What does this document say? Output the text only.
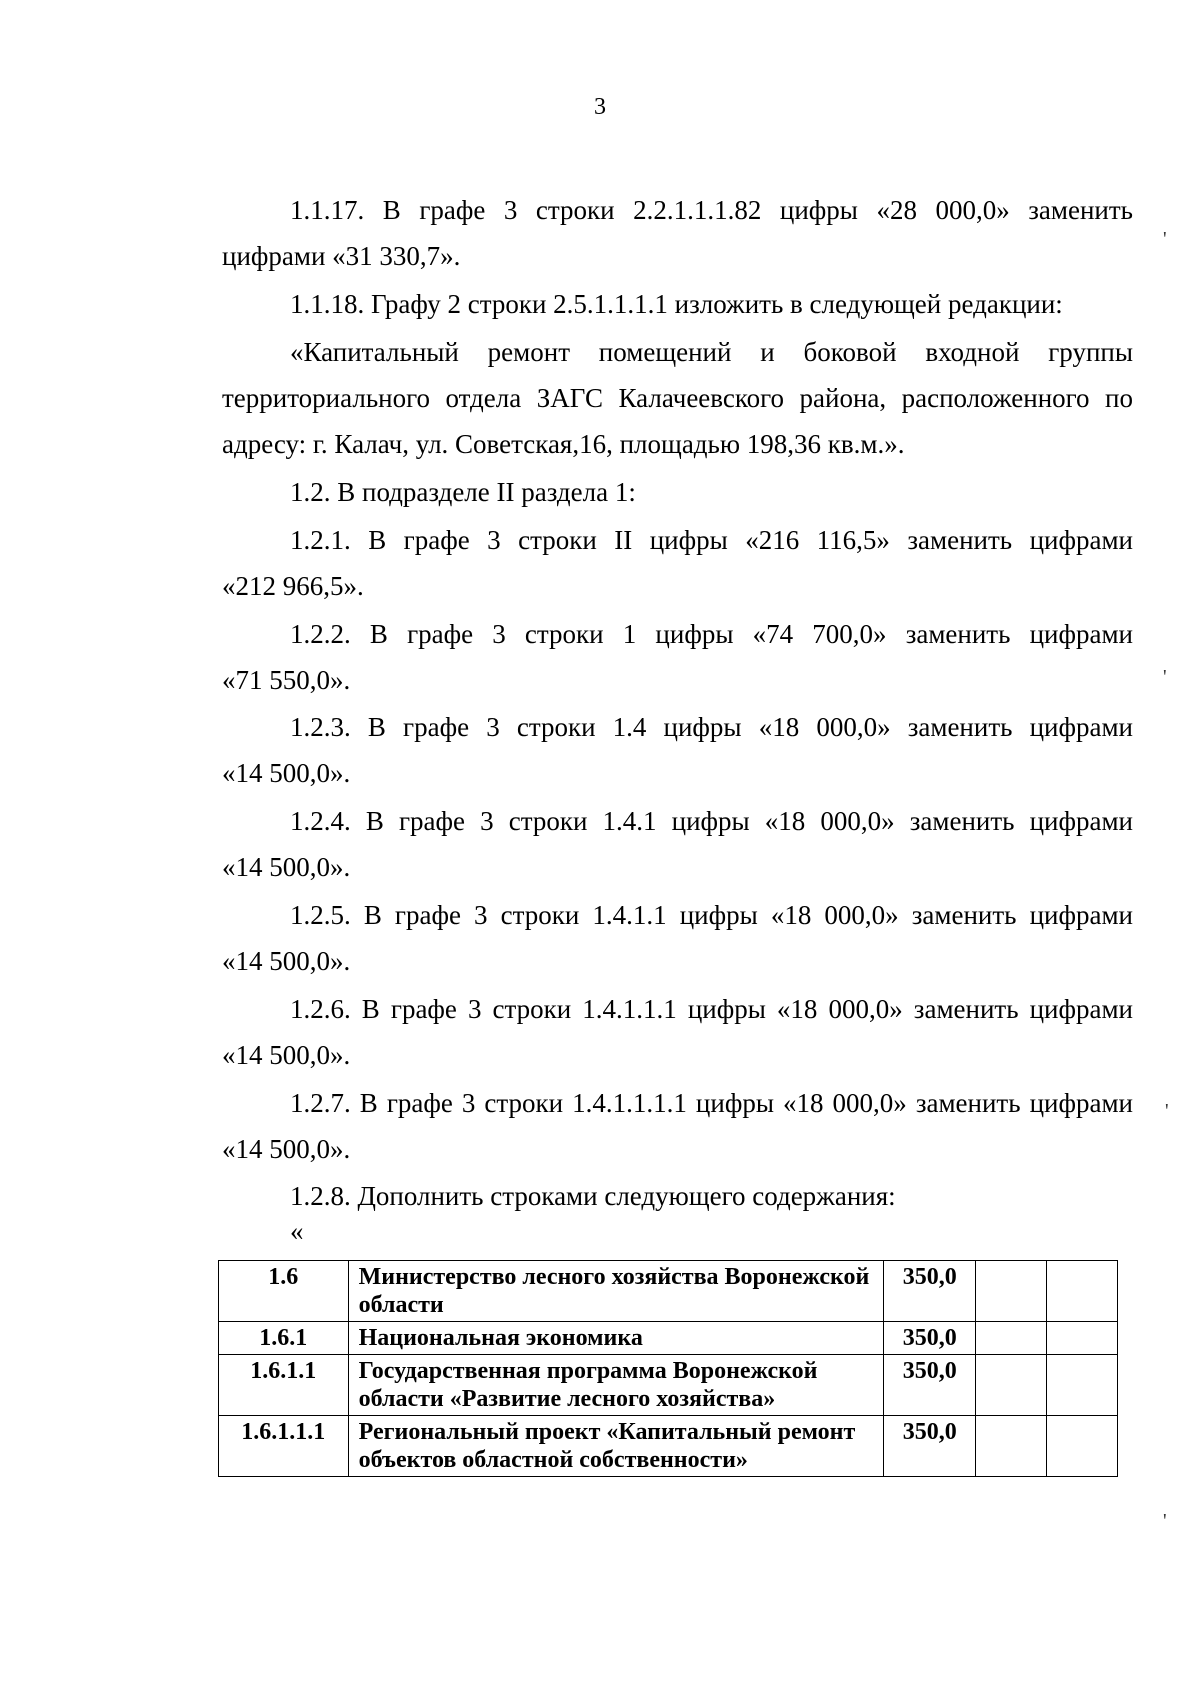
3

1.1.17. В графе 3 строки 2.2.1.1.1.82 цифры «28 000,0» заменить

цифрами «31 330,7».

1.1.18. Графу 2 строки 2.5.1.1.1.1 изложить в следующей редакции:

«Капитальный ремонт помещений и боковой входной группы

территориального отдела ЗАГС Калачеевского района, расположенного по

адресу: г. Калач, ул. Советская,16, площадью 198,36 кв.м.».

1.2. В подразделе II раздела 1:

1.2.1. В графе 3 строки II цифры «216 116,5» заменить цифрами

«212 966,5».

1.2.2. В графе 3 строки 1 цифры «74 700,0» заменить цифрами

«71 550,0».

1.2.3. В графе 3 строки 1.4 цифры «18 000,0» заменить цифрами

«14 500,0».

1.2.4. В графе 3 строки 1.4.1 цифры «18 000,0» заменить цифрами

«14 500,0».

1.2.5. В графе 3 строки 1.4.1.1 цифры «18 000,0» заменить цифрами

«14 500,0».

1.2.6. В графе 3 строки 1.4.1.1.1 цифры «18 000,0» заменить цифрами

«14 500,0».

1.2.7. В графе 3 строки 1.4.1.1.1.1 цифры «18 000,0» заменить цифрами

«14 500,0».

1.2.8. Дополнить строками следующего содержания:

«

1.6	Министерство лесного хозяйства Воронежской области	350,0		
1.6.1	Национальная экономика	350,0		
1.6.1.1	Государственная программа Воронежской области «Развитие лесного хозяйства»	350,0		
1.6.1.1.1	Региональный проект «Капитальный ремонт объектов областной собственности»	350,0		
'
'
'
'
